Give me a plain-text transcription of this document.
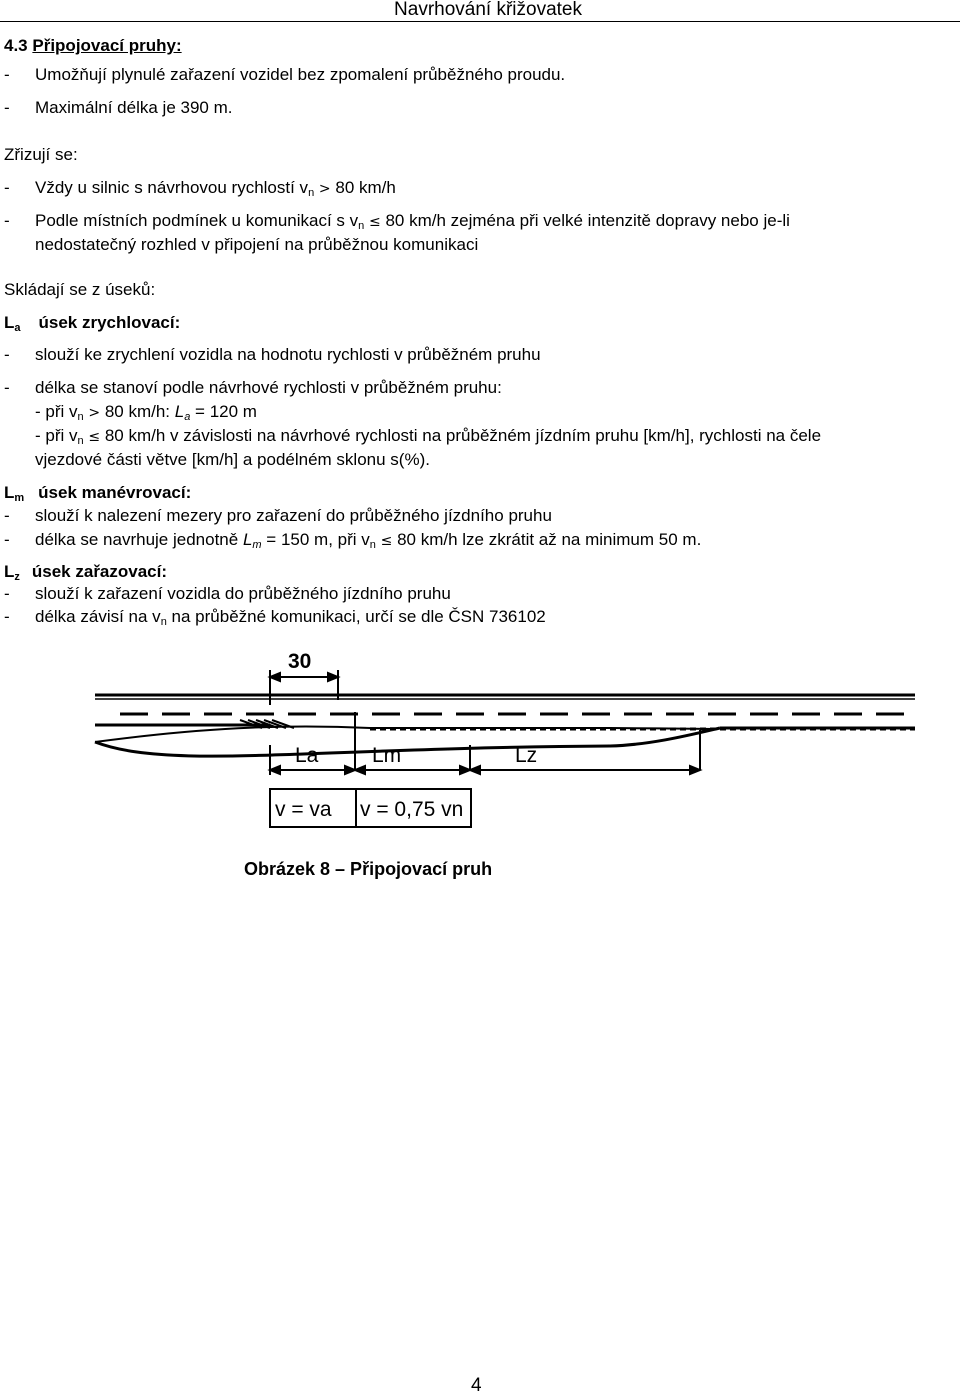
Navrhování křižovatek
4.3 Připojovací pruhy:
- Umožňují plynulé zařazení vozidel bez zpomalení průběžného proudu.
- Maximální délka je 390 m.
Zřizují se:
- Vždy u silnic s návrhovou rychlostí $v_n > 80$ km/h
- Podle místních podmínek u komunikací s $v_n \le 80$ km/h zejména při velké intenzitě dopravy nebo je-li
nedostatečný rozhled v připojení na průběžnou komunikaci
Skládají se z úseků:
$L_a$ úsek zrychlovací:
- slouží ke zrychlení vozidla na hodnotu rychlosti v průběžném pruhu
- délka se stanoví podle návrhové rychlosti v průběžném pruhu:
- při $v_n > 80$ km/h: $L_a = 120$ m
- při $v_n \le 80$ km/h v závislosti na návrhové rychlosti na průběžném jízdním pruhu [km/h], rychlosti na čele
vjezdové části větve [km/h] a podélném sklonu s(%).
$L_m$ úsek manévrovací:
- slouží k nalezení mezery pro zařazení do průběžného jízdního pruhu
- délka se navrhuje jednotně $L_m = 150$ m, při $v_n \le 80$ km/h lze zkrátit až na minimum 50 m.
$L_z$ úsek zařazovací:
- slouží k zařazení vozidla do průběžného jízdního pruhu
- délka závisí na $v_n$ na průběžné komunikaci, určí se dle ČSN 736102
30
La	Lm	Lz
v = va v = 0,75 vn
Obrázek 8 – Připojovací pruh
4
